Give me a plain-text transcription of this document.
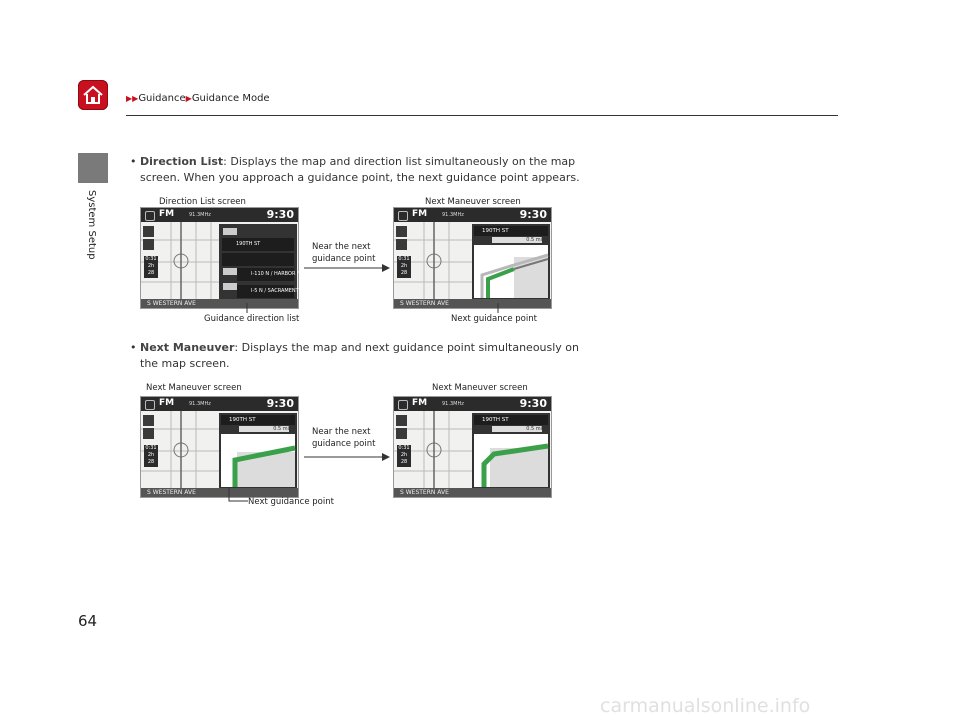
▶▶Guidance▶Guidance Mode
System Setup
• Direction List: Displays the map and direction list simultaneously on the map
screen. When you approach a guidance point, the next guidance point appears.
Direction List screen	Next Maneuver screen
FM	91.3MHz	9:30
0:31
2h
28
190TH ST
I-110 N / HARBOR FWY N
I-5 N / SACRAMENTO
S WESTERN AVE
Near the next
guidance point
FM	91.3MHz	9:30
0:31
2h
28
190TH ST
0.5 mi
S WESTERN AVE
Guidance direction list	Next guidance point
• Next Maneuver: Displays the map and next guidance point simultaneously on
the map screen.
Next Maneuver screen	Next Maneuver screen
FM	91.3MHz	9:30
0:31
2h
28
190TH ST
0.5 mi
S WESTERN AVE
Near the next
guidance point
FM	91.3MHz	9:30
0:31
2h
28
190TH ST
0.5 mi
S WESTERN AVE
Next guidance point
64
carmanualsonline.info
